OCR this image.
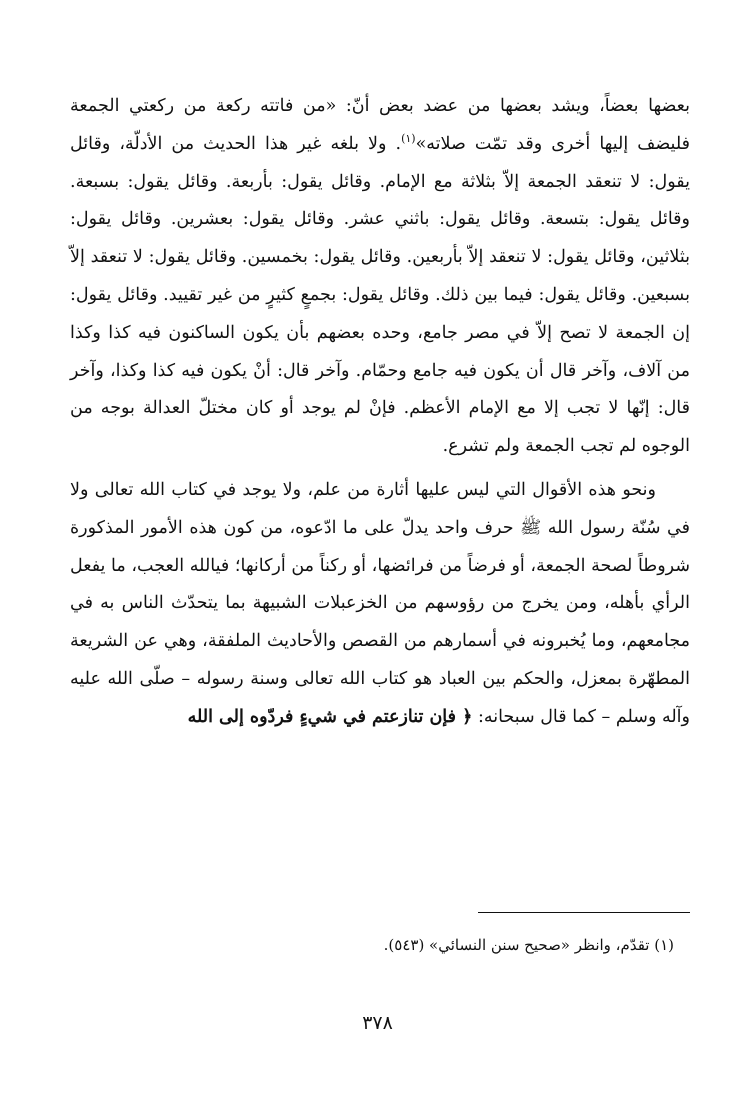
بعضها بعضاً، ويشد بعضها من عضد بعض أنّ: «من فاتته ركعة من ركعتي الجمعة فليضف إليها أخرى وقد تمّت صلاته»$^{(١)}$. ولا بلغه غير هذا الحديث من الأدلّة، وقائل يقول: لا تنعقد الجمعة إلاّ بثلاثة مع الإمام. وقائل يقول: بأربعة. وقائل يقول: بسبعة. وقائل يقول: بتسعة. وقائل يقول: باثني عشر. وقائل يقول: بعشرين. وقائل يقول: بثلاثين، وقائل يقول: لا تنعقد إلاّ بأربعين. وقائل يقول: بخمسين. وقائل يقول: لا تنعقد إلاّ بسبعين. وقائل يقول: فيما بين ذلك. وقائل يقول: بجمعٍ كثيرٍ من غير تقييد. وقائل يقول: إن الجمعة لا تصح إلاّ في مصر جامع، وحده بعضهم بأن يكون الساكنون فيه كذا وكذا من آلاف، وآخر قال أن يكون فيه جامع وحمّام. وآخر قال: أنْ يكون فيه كذا وكذا، وآخر قال: إنّها لا تجب إلا مع الإمام الأعظم. فإنْ لم يوجد أو كان مختلّ العدالة بوجه من الوجوه لم تجب الجمعة ولم تشرع.

ونحو هذه الأقوال التي ليس عليها أثارة من علم، ولا يوجد في كتاب الله تعالى ولا في سُنّة رسول الله ﷺ حرف واحد يدلّ على ما ادّعوه، من كون هذه الأمور المذكورة شروطاً لصحة الجمعة، أو فرضاً من فرائضها، أو ركناً من أركانها؛ فيالله العجب، ما يفعل الرأي بأهله، ومن يخرج من رؤوسهم من الخزعبلات الشبيهة بما يتحدّث الناس به في مجامعهم، وما يُخبرونه في أسمارهم من القصص والأحاديث الملفقة، وهي عن الشريعة المطهّرة بمعزل، والحكم بين العباد هو كتاب الله تعالى وسنة رسوله – صلّى الله عليه وآله وسلم – كما قال سبحانه: ﴿ فإن تنازعتم في شيءٍ فردّوه إلى الله

(١) تقدّم، وانظر «صحيح سنن النسائي» (٥٤٣).
٣٧٨
